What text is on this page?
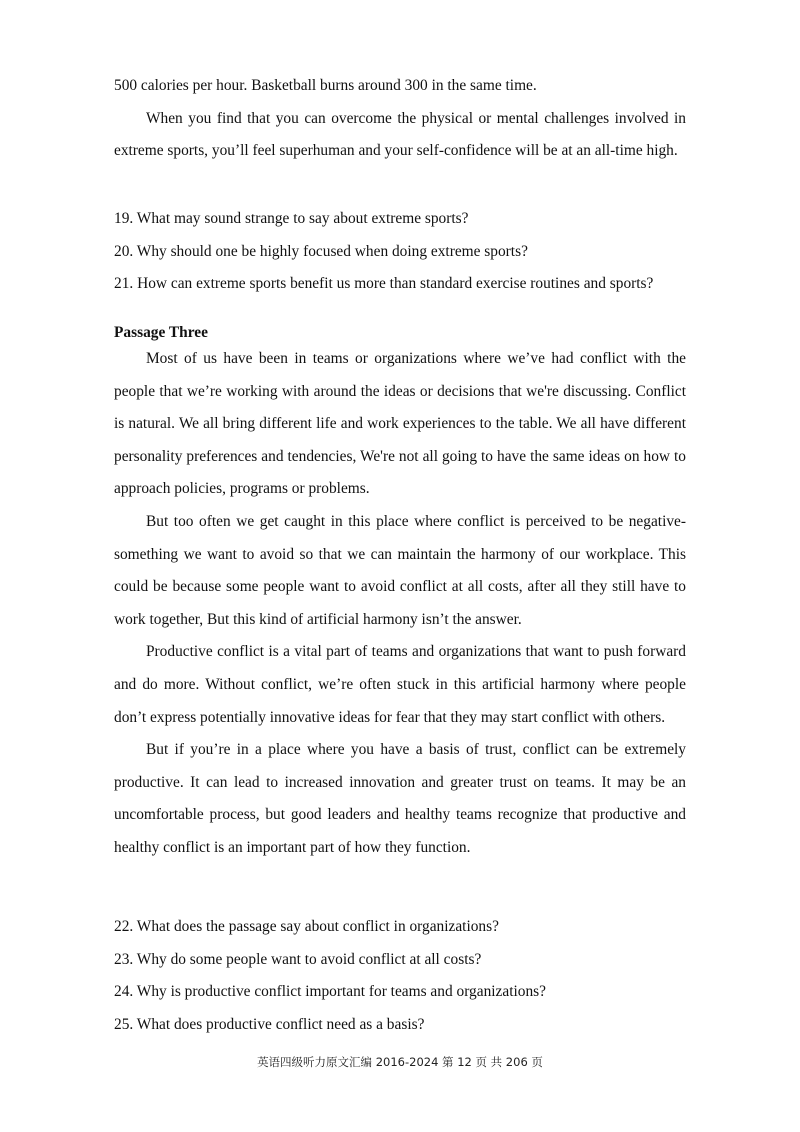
500 calories per hour. Basketball burns around 300 in the same time.

When you find that you can overcome the physical or mental challenges involved in extreme sports, you’ll feel superhuman and your self-confidence will be at an all-time high.

19. What may sound strange to say about extreme sports?
20. Why should one be highly focused when doing extreme sports?
21. How can extreme sports benefit us more than standard exercise routines and sports?
Passage Three

Most of us have been in teams or organizations where we’ve had conflict with the people that we’re working with around the ideas or decisions that we're discussing. Conflict is natural. We all bring different life and work experiences to the table. We all have different personality preferences and tendencies, We're not all going to have the same ideas on how to approach policies, programs or problems.

But too often we get caught in this place where conflict is perceived to be negative-something we want to avoid so that we can maintain the harmony of our workplace. This could be because some people want to avoid conflict at all costs, after all they still have to work together, But this kind of artificial harmony isn’t the answer.

Productive conflict is a vital part of teams and organizations that want to push forward and do more. Without conflict, we’re often stuck in this artificial harmony where people don’t express potentially innovative ideas for fear that they may start conflict with others.

But if you’re in a place where you have a basis of trust, conflict can be extremely productive. It can lead to increased innovation and greater trust on teams. It may be an uncomfortable process, but good leaders and healthy teams recognize that productive and healthy conflict is an important part of how they function.

22. What does the passage say about conflict in organizations?
23. Why do some people want to avoid conflict at all costs?
24. Why is productive conflict important for teams and organizations?
25. What does productive conflict need as a basis?
英语四级听力原文汇编 2016-2024 第 12 页 共 206 页
